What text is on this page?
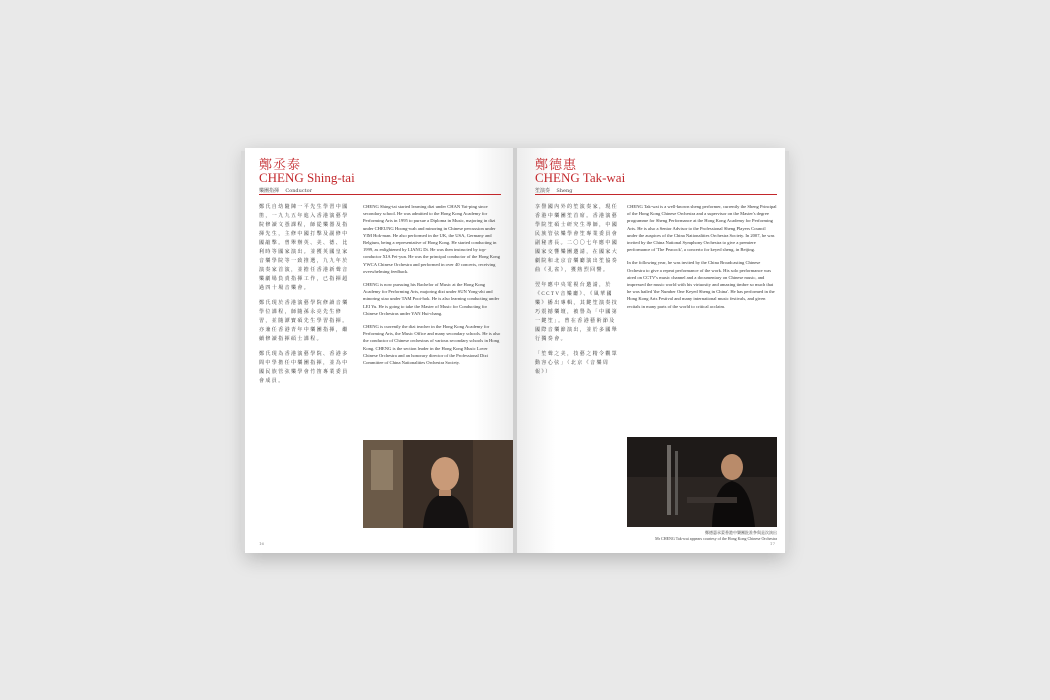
鄭丞泰
CHENG Shing-tai
樂團指揮 Conductor

鄭氏自幼隨陳一平先生學習中國笛，一九九五年進入香港演藝學院修讀文憑課程，師從樂器及指揮先生，主修中國打擊及副修中國敲擊。曾舉辦英、美、德、比利時等國家演出。並獲英國皇家音樂學院等一致推選，九九年於演奏家首演，並擔任香港新聲音樂劇場負責指揮工作，已指揮超過四十場音樂會。

鄭氏現於香港演藝學院修讀音樂學位課程，師隨孫永亮先生修習，並隨譚寶碩先生學習指揮。亦兼任香港青年中樂團指揮，繼續修讀指揮碩士課程。

鄭氏現為香港演藝學院、香港多間中學擔任中樂團指揮，並為中國民族管弦樂學會竹笛專業委員會成員。

CHENG Shing-tai started learning dizi under CHAN Yat-ping since secondary school. He was admitted to the Hong Kong Academy for Performing Arts in 1995 to pursue a Diploma in Music, majoring in dizi under CHEUNG Hoong-wah and minoring in Chinese percussion under YIM Hok-man. He also performed in the UK, the USA, Germany and Belgium, being a representative of Hong Kong. He started conducting in 1999, as enlightened by LIANG Di. He was then instructed by top-conductor XIA Fei-yun. He was the principal conductor of the Hong Kong YWCA Chinese Orchestra and performed in over 40 concerts, receiving overwhelming feedback.

CHENG is now pursuing his Bachelor of Music at the Hong Kong Academy for Performing Arts, majoring dizi under SUN Yong-zhi and minoring xiao under TAM Pooi-hok. He is also learning conducting under LEI Yu. He is going to take the Master of Music for Conducting for Chinese Orchestras under YAN Hui-chang.

CHENG is currently the dizi teacher in the Hong Kong Academy for Performing Arts, the Music Office and many secondary schools. He is also the conductor of Chinese orchestras of various secondary schools in Hong Kong. CHENG is the section leader in the Hong Kong Music Lover Chinese Orchestra and an honorary director of the Professional Dizi Committee of China Nationalities Orchestra Society.

16
鄭德惠
CHENG Tak-wai
笙演奏 Sheng

享譽國內外的笙演奏家，現任香港中樂團笙首席。香港演藝學院笙碩士研究生導師，中國民族管弦樂學會笙專業委員會副秘書長。二〇〇七年應中國國家交響樂團邀請，在國家大劇院和北京音樂廳演出笙協奏曲《孔雀》，獲熱烈回響。

翌年應中央電視台邀請，於《CCTV音樂廳》、《風華國樂》播出專輯，其鍵笙演奏技巧震撼樂壇，被譽為「中國第一鍵笙」。曾在香港藝術節及國際音樂節演出，並於多國舉行獨奏會。

「笙聲之美，技藝之精令觀眾動容心弦」（北京《音樂周報》）

CHENG Tak-wai is a well-known sheng performer, currently the Sheng Principal of the Hong Kong Chinese Orchestra and a supervisor on the Master's degree programme for Sheng Performance at the Hong Kong Academy for Performing Arts. He is also a Senior Advisor to the Professional Sheng Players Council under the auspices of the China Nationalities Orchestra Society. In 2007, he was invited by the China National Symphony Orchestra to give a premiere performance of 'The Peacock', a concerto for keyed sheng, in Beijing.

In the following year, he was invited by the China Broadcasting Chinese Orchestra to give a repeat performance of the work. His solo performance was aired on CCTV's music channel and a documentary on Chinese music, and impressed the music world with his virtuosity and amazing timbre so much that he was hailed 'the Number One Keyed Sheng in China'. He has performed in the Hong Kong Arts Festival and many international music festivals, and given recitals in many parts of the world to critical acclaim.

鄭德惠承蒙香港中樂團批准參與是次演出
Mr CHENG Tak-wai appears courtesy of the Hong Kong Chinese Orchestra
17
